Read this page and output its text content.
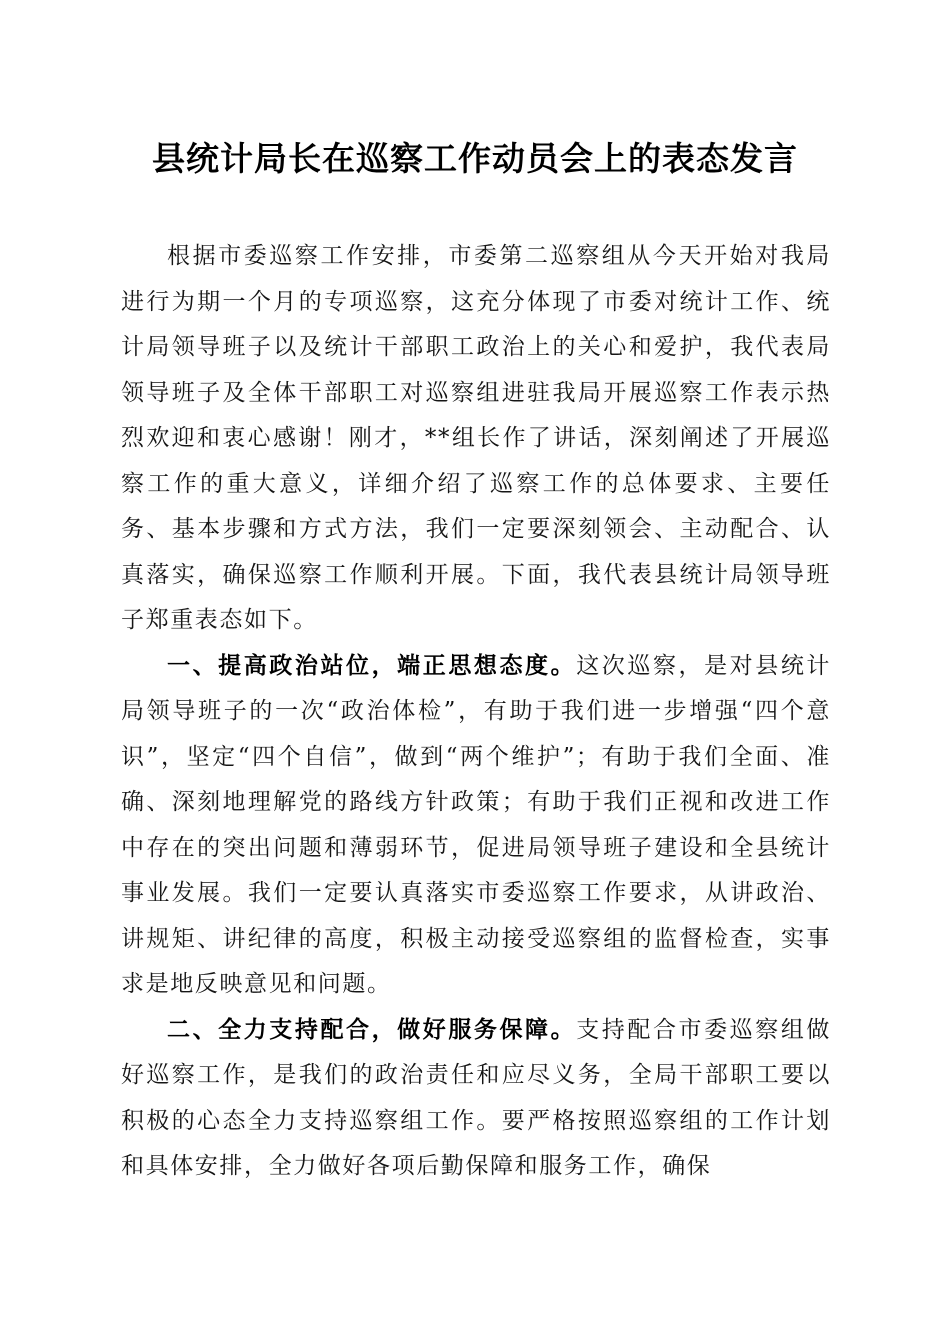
县统计局长在巡察工作动员会上的表态发言

根据市委巡察工作安排，市委第二巡察组从今天开始对我局进行为期一个月的专项巡察，这充分体现了市委对统计工作、统计局领导班子以及统计干部职工政治上的关心和爱护，我代表局领导班子及全体干部职工对巡察组进驻我局开展巡察工作表示热烈欢迎和衷心感谢！刚才，**组长作了讲话，深刻阐述了开展巡察工作的重大意义，详细介绍了巡察工作的总体要求、主要任务、基本步骤和方式方法，我们一定要深刻领会、主动配合、认真落实，确保巡察工作顺利开展。下面，我代表县统计局领导班子郑重表态如下。

一、提高政治站位，端正思想态度。这次巡察，是对县统计局领导班子的一次“政治体检”，有助于我们进一步增强“四个意识”，坚定“四个自信”，做到“两个维护”；有助于我们全面、准确、深刻地理解党的路线方针政策；有助于我们正视和改进工作中存在的突出问题和薄弱环节，促进局领导班子建设和全县统计事业发展。我们一定要认真落实市委巡察工作要求，从讲政治、讲规矩、讲纪律的高度，积极主动接受巡察组的监督检查，实事求是地反映意见和问题。

二、全力支持配合，做好服务保障。支持配合市委巡察组做好巡察工作，是我们的政治责任和应尽义务，全局干部职工要以积极的心态全力支持巡察组工作。要严格按照巡察组的工作计划和具体安排，全力做好各项后勤保障和服务工作，确保
